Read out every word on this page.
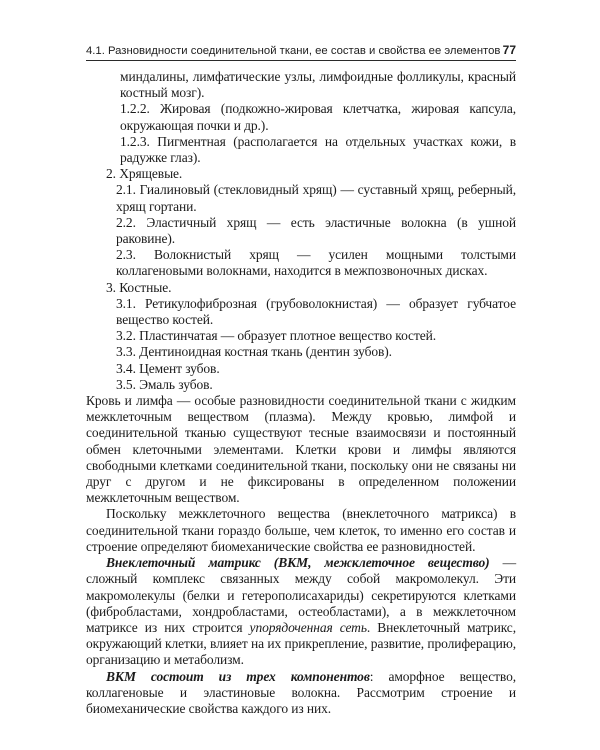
4.1. Разновидности соединительной ткани, ее состав и свойства ее элементов 77

миндалины, лимфатические узлы, лимфоидные фолликулы, красный костный мозг).

1.2.2. Жировая (подкожно-жировая клетчатка, жировая капсула, окружающая почки и др.).

1.2.3. Пигментная (располагается на отдельных участках кожи, в радужке глаз).

2. Хрящевые.

2.1. Гиалиновый (стекловидный хрящ) — суставный хрящ, реберный, хрящ гортани.

2.2. Эластичный хрящ — есть эластичные волокна (в ушной раковине).

2.3. Волокнистый хрящ — усилен мощными толстыми коллагеновыми волокнами, находится в межпозвоночных дисках.

3. Костные.

3.1. Ретикулофиброзная (грубоволокнистая) — образует губчатое вещество костей.

3.2. Пластинчатая — образует плотное вещество костей.

3.3. Дентиноидная костная ткань (дентин зубов).

3.4. Цемент зубов.

3.5. Эмаль зубов.

Кровь и лимфа — особые разновидности соединительной ткани с жидким межклеточным веществом (плазма). Между кровью, лимфой и соединительной тканью существуют тесные взаимосвязи и постоянный обмен клеточными элементами. Клетки крови и лимфы являются свободными клетками соединительной ткани, поскольку они не связаны ни друг с другом и не фиксированы в определенном положении межклеточным веществом.

Поскольку межклеточного вещества (внеклеточного матрикса) в соединительной ткани гораздо больше, чем клеток, то именно его состав и строение определяют биомеханические свойства ее разновидностей.

Внеклеточный матрикс (ВКМ, межклеточное вещество) — сложный комплекс связанных между собой макромолекул. Эти макромолекулы (белки и гетерополисахариды) секретируются клетками (фибробластами, хондробластами, остеобластами), а в межклеточном матриксе из них строится упорядоченная сеть. Внеклеточный матрикс, окружающий клетки, влияет на их прикрепление, развитие, пролиферацию, организацию и метаболизм.

ВКМ состоит из трех компонентов: аморфное вещество, коллагеновые и эластиновые волокна. Рассмотрим строение и биомеханические свойства каждого из них.
